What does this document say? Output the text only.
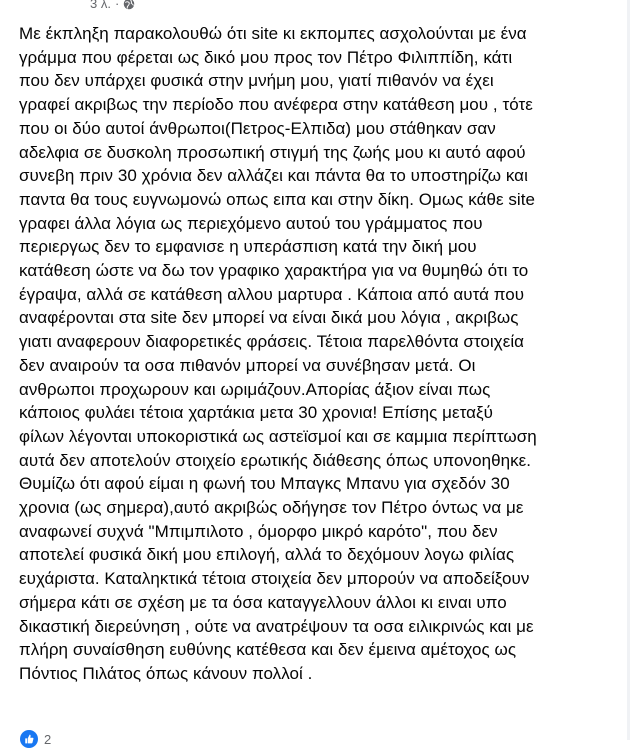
3 λ. ·
Με έκπληξη παρακολουθώ ότι site κι εκπομπες ασχολούνται με ένα
γράμμα που φέρεται ως δικό μου προς τον Πέτρο Φιλιππίδη, κάτι
που δεν υπάρχει φυσικά στην μνήμη μου, γιατί πιθανόν να έχει
γραφεί ακριβως την περίοδο που ανέφερα στην κατάθεση μου , τότε
που οι δύο αυτοί άνθρωποι(Πετρος-Ελπιδα) μου στάθηκαν σαν
αδελφια σε δυσκολη προσωπική στιγμή της ζωής μου κι αυτό αφού
συνεβη πριν 30 χρόνια δεν αλλάζει και πάντα θα το υποστηρίζω και
παντα θα τους ευγνωμονώ οπως ειπα και στην δίκη. Ομως κάθε site
γραφει άλλα λόγια ως περιεχόμενο αυτού του γράμματος που
περιεργως δεν το εμφανισε η υπεράσπιση κατά την δική μου
κατάθεση ώστε να δω τον γραφικο χαρακτήρα για να θυμηθώ ότι το
έγραψα, αλλά σε κατάθεση αλλου μαρτυρα . Κάποια από αυτά που
αναφέρονται στα site δεν μπορεί να είναι δικά μου λόγια , ακριβως
γιατι αναφερουν διαφορετικές φράσεις. Τέτοια παρελθόντα στοιχεία
δεν αναιρούν τα οσα πιθανόν μπορεί να συνέβησαν μετά. Οι
ανθρωποι προχωρουν και ωριμάζουν.Απορίας άξιον είναι πως
κάποιος φυλάει τέτοια χαρτάκια μετα 30 χρονια! Επίσης μεταξύ
φίλων λέγονται υποκοριστικά ως αστεϊσμοί και σε καμμια περίπτωση
αυτά δεν αποτελούν στοιχείο ερωτικής διάθεσης όπως υπονοηθηκε.
Θυμίζω ότι αφού είμαι η φωνή του Μπαγκς Μπανυ για σχεδόν 30
χρονια (ως σημερα),αυτό ακριβώς οδήγησε τον Πέτρο όντως να με
αναφωνεί συχνά "Μπιμπιλοτο , όμορφο μικρό καρότο", που δεν
αποτελεί φυσικά δική μου επιλογή, αλλά το δεχόμουν λογω φιλίας
ευχάριστα. Καταληκτικά τέτοια στοιχεία δεν μπορούν να αποδείξουν
σήμερα κάτι σε σχέση με τα όσα καταγγελλουν άλλοι κι ειναι υπο
δικαστική διερεύνηση , ούτε να ανατρέψουν τα οσα ειλικρινώς και με
πλήρη συναίσθηση ευθύνης κατέθεσα και δεν έμεινα αμέτοχος ως
Πόντιος Πιλάτος όπως κάνουν πολλοί .
2
